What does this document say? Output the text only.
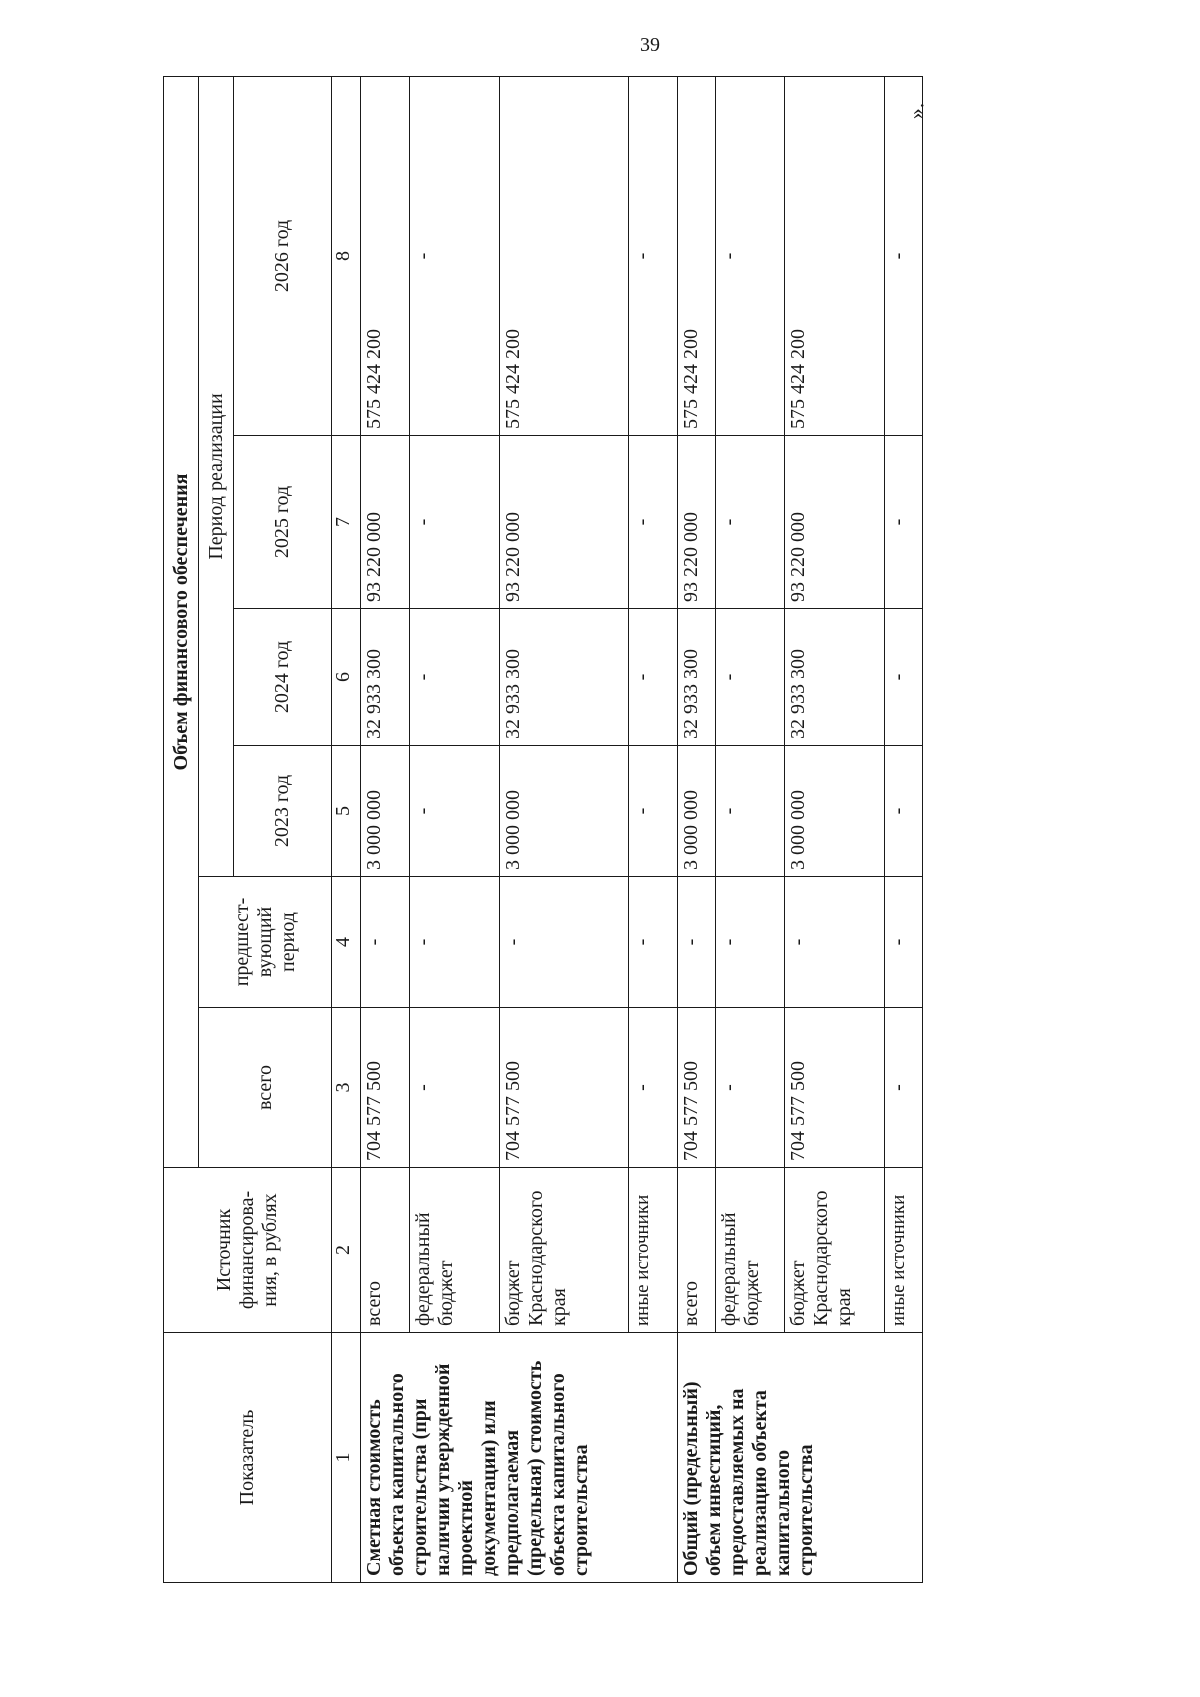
39
».
Показатель	Источник финансирова-ния, в рублях	Объем финансового обеспечения					
		всего	предшест-вующий период	Период реализации			
				2023 год	2024 год	2025 год	2026 год
1	2	3	4	5	6	7	8
Сметная стоимость объекта капитального строительства (при наличии утвержденной проектной документации) или предполагаемая (предельная) стоимость объекта капитального строительства	всего	704 577 500	-	3 000 000	32 933 300	93 220 000	575 424 200
	федеральный бюджет	-	-	-	-	-	-
	бюджет Краснодарского края	704 577 500	-	3 000 000	32 933 300	93 220 000	575 424 200
	иные источники	-	-	-	-	-	-
Общий (предельный) объем инвестиций, предоставляемых на реализацию объекта капитального строительства	всего	704 577 500	-	3 000 000	32 933 300	93 220 000	575 424 200
	федеральный бюджет	-	-	-	-	-	-
	бюджет Краснодарского края	704 577 500	-	3 000 000	32 933 300	93 220 000	575 424 200
	иные источники	-	-	-	-	-	-
